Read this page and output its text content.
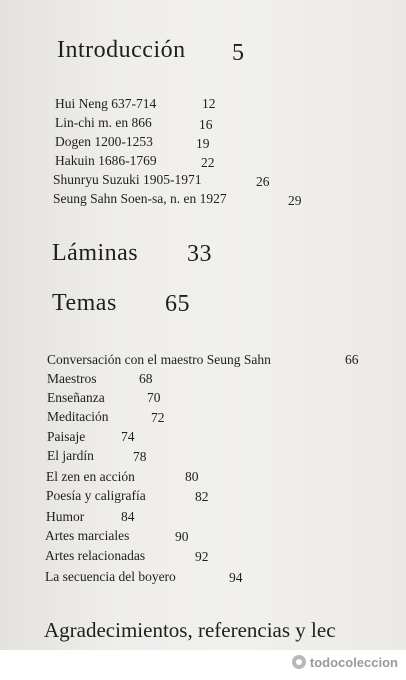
Introducción 5
Hui Neng 637-714	12
Lin-chi m. en 866	16
Dogen 1200-1253	19
Hakuin 1686-1769	22
Shunryu Suzuki 1905-1971	26
Seung Sahn Soen-sa, n. en 1927	29
Láminas 33
Temas 65
Conversación con el maestro Seung Sahn	66
Maestros	68
Enseñanza	70
Meditación	72
Paisaje	74
El jardín	78
El zen en acción	80
Poesía y caligrafía	82
Humor	84
Artes marciales	90
Artes relacionadas	92
La secuencia del boyero	94
Agradecimientos, referencias y lec
todocoleccion
